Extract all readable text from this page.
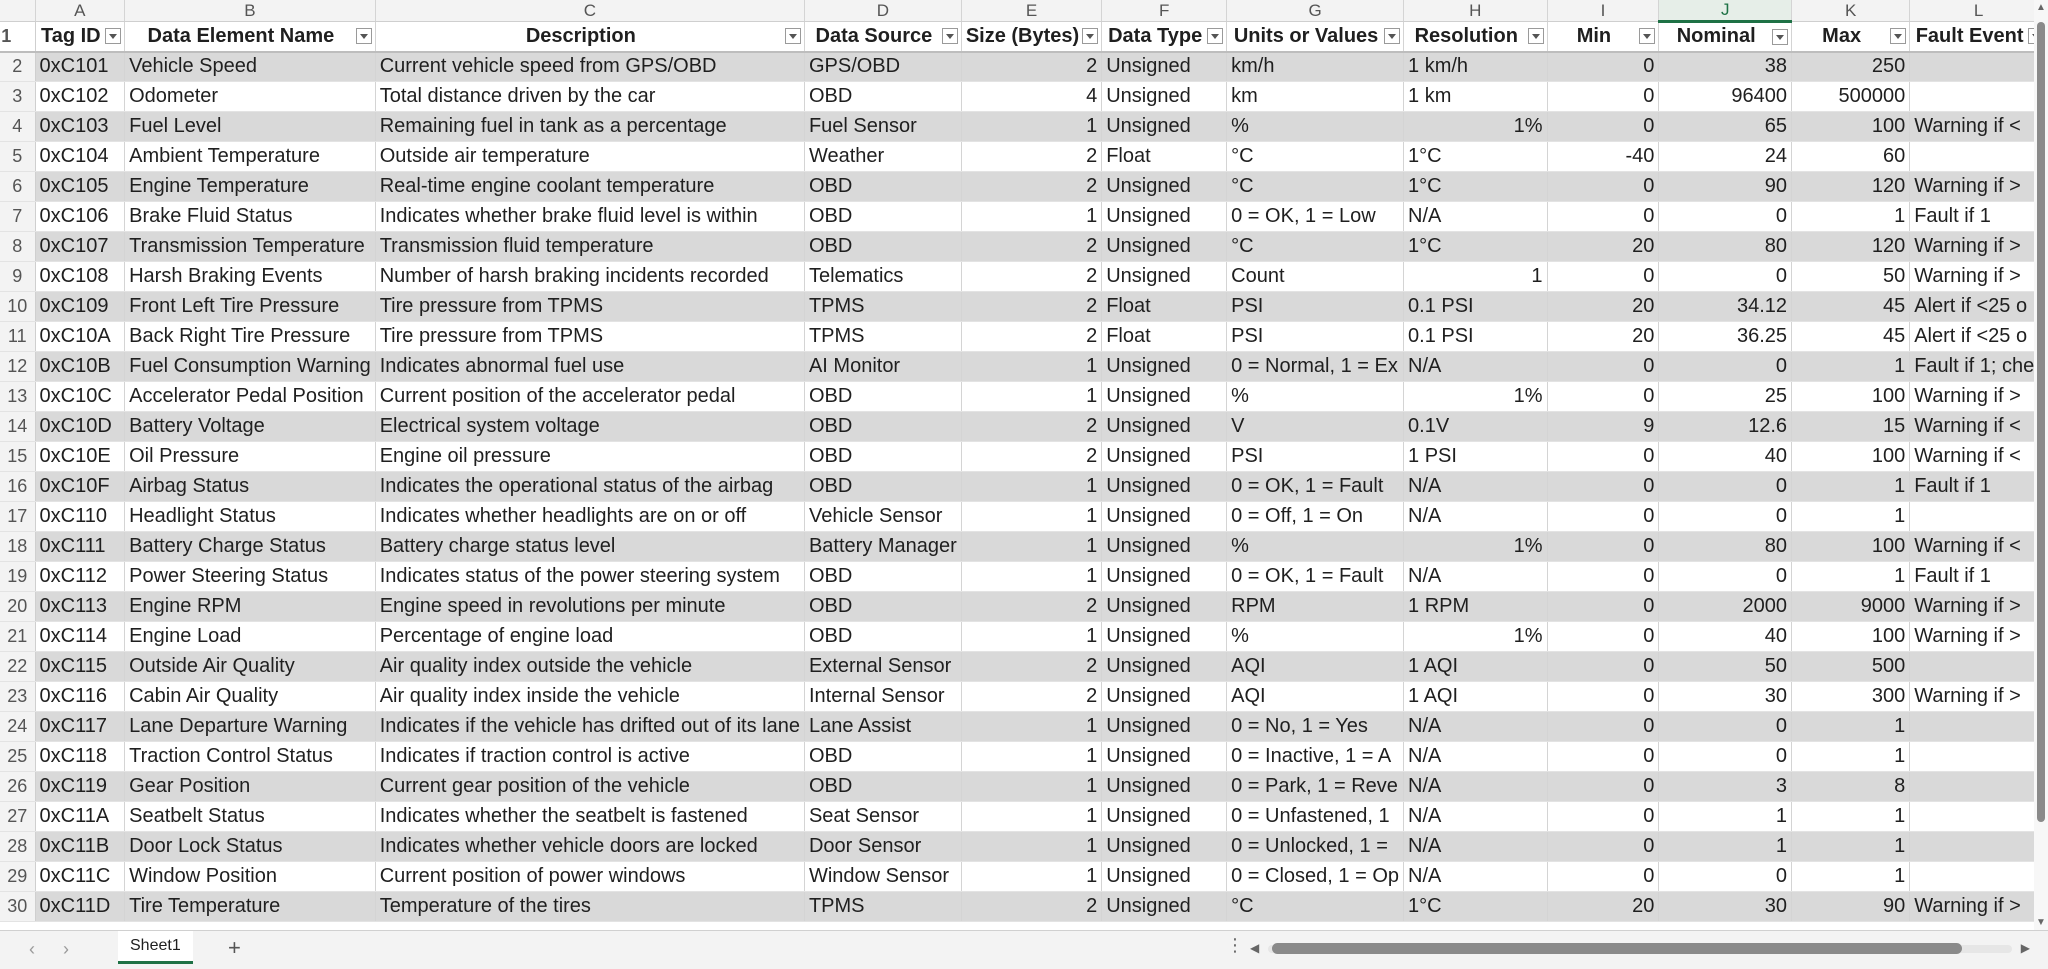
	A	B	C	D	E	F	G	H	I	J	K	L
1	Tag ID	Data Element Name	Description	Data Source	Size (Bytes)	Data Type	Units or Values	Resolution	Min	Nominal	Max	Fault Event

2	0xC101	Vehicle Speed	Current vehicle speed from GPS/OBD	GPS/OBD	2	Unsigned	km/h	1 km/h	0	38	250	
3	0xC102	Odometer	Total distance driven by the car	OBD	4	Unsigned	km	1 km	0	96400	500000	
4	0xC103	Fuel Level	Remaining fuel in tank as a percentage	Fuel Sensor	1	Unsigned	%	1%	0	65	100	Warning if <
5	0xC104	Ambient Temperature	Outside air temperature	Weather	2	Float	°C	1°C	-40	24	60	
6	0xC105	Engine Temperature	Real-time engine coolant temperature	OBD	2	Unsigned	°C	1°C	0	90	120	Warning if >
7	0xC106	Brake Fluid Status	Indicates whether brake fluid level is within	OBD	1	Unsigned	0 = OK, 1 = Low	N/A	0	0	1	Fault if 1
8	0xC107	Transmission Temperature	Transmission fluid temperature	OBD	2	Unsigned	°C	1°C	20	80	120	Warning if >
9	0xC108	Harsh Braking Events	Number of harsh braking incidents recorded	Telematics	2	Unsigned	Count	1	0	0	50	Warning if >
10	0xC109	Front Left Tire Pressure	Tire pressure from TPMS	TPMS	2	Float	PSI	0.1 PSI	20	34.12	45	Alert if <25 o
11	0xC10A	Back Right Tire Pressure	Tire pressure from TPMS	TPMS	2	Float	PSI	0.1 PSI	20	36.25	45	Alert if <25 o
12	0xC10B	Fuel Consumption Warning	Indicates abnormal fuel use	AI Monitor	1	Unsigned	0 = Normal, 1 = Ex	N/A	0	0	1	Fault if 1; che
13	0xC10C	Accelerator Pedal Position	Current position of the accelerator pedal	OBD	1	Unsigned	%	1%	0	25	100	Warning if >
14	0xC10D	Battery Voltage	Electrical system voltage	OBD	2	Unsigned	V	0.1V	9	12.6	15	Warning if <
15	0xC10E	Oil Pressure	Engine oil pressure	OBD	2	Unsigned	PSI	1 PSI	0	40	100	Warning if <
16	0xC10F	Airbag Status	Indicates the operational status of the airbag	OBD	1	Unsigned	0 = OK, 1 = Fault	N/A	0	0	1	Fault if 1
17	0xC110	Headlight Status	Indicates whether headlights are on or off	Vehicle Sensor	1	Unsigned	0 = Off, 1 = On	N/A	0	0	1	
18	0xC111	Battery Charge Status	Battery charge status level	Battery Manager	1	Unsigned	%	1%	0	80	100	Warning if <
19	0xC112	Power Steering Status	Indicates status of the power steering system	OBD	1	Unsigned	0 = OK, 1 = Fault	N/A	0	0	1	Fault if 1
20	0xC113	Engine RPM	Engine speed in revolutions per minute	OBD	2	Unsigned	RPM	1 RPM	0	2000	9000	Warning if >
21	0xC114	Engine Load	Percentage of engine load	OBD	1	Unsigned	%	1%	0	40	100	Warning if >
22	0xC115	Outside Air Quality	Air quality index outside the vehicle	External Sensor	2	Unsigned	AQI	1 AQI	0	50	500	
23	0xC116	Cabin Air Quality	Air quality index inside the vehicle	Internal Sensor	2	Unsigned	AQI	1 AQI	0	30	300	Warning if >
24	0xC117	Lane Departure Warning	Indicates if the vehicle has drifted out of its lane	Lane Assist	1	Unsigned	0 = No, 1 = Yes	N/A	0	0	1	
25	0xC118	Traction Control Status	Indicates if traction control is active	OBD	1	Unsigned	0 = Inactive, 1 = A	N/A	0	0	1	
26	0xC119	Gear Position	Current gear position of the vehicle	OBD	1	Unsigned	0 = Park, 1 = Reve	N/A	0	3	8	
27	0xC11A	Seatbelt Status	Indicates whether the seatbelt is fastened	Seat Sensor	1	Unsigned	0 = Unfastened, 1	N/A	0	1	1	
28	0xC11B	Door Lock Status	Indicates whether vehicle doors are locked	Door Sensor	1	Unsigned	0 = Unlocked, 1 =	N/A	0	1	1	
29	0xC11C	Window Position	Current position of power windows	Window Sensor	1	Unsigned	0 = Closed, 1 = Op	N/A	0	0	1	
30	0xC11D	Tire Temperature	Temperature of the tires	TPMS	2	Unsigned	°C	1°C	20	30	90	Warning if >
▲
▼
‹	›	Sheet1	+	⋮ ◀	▶
